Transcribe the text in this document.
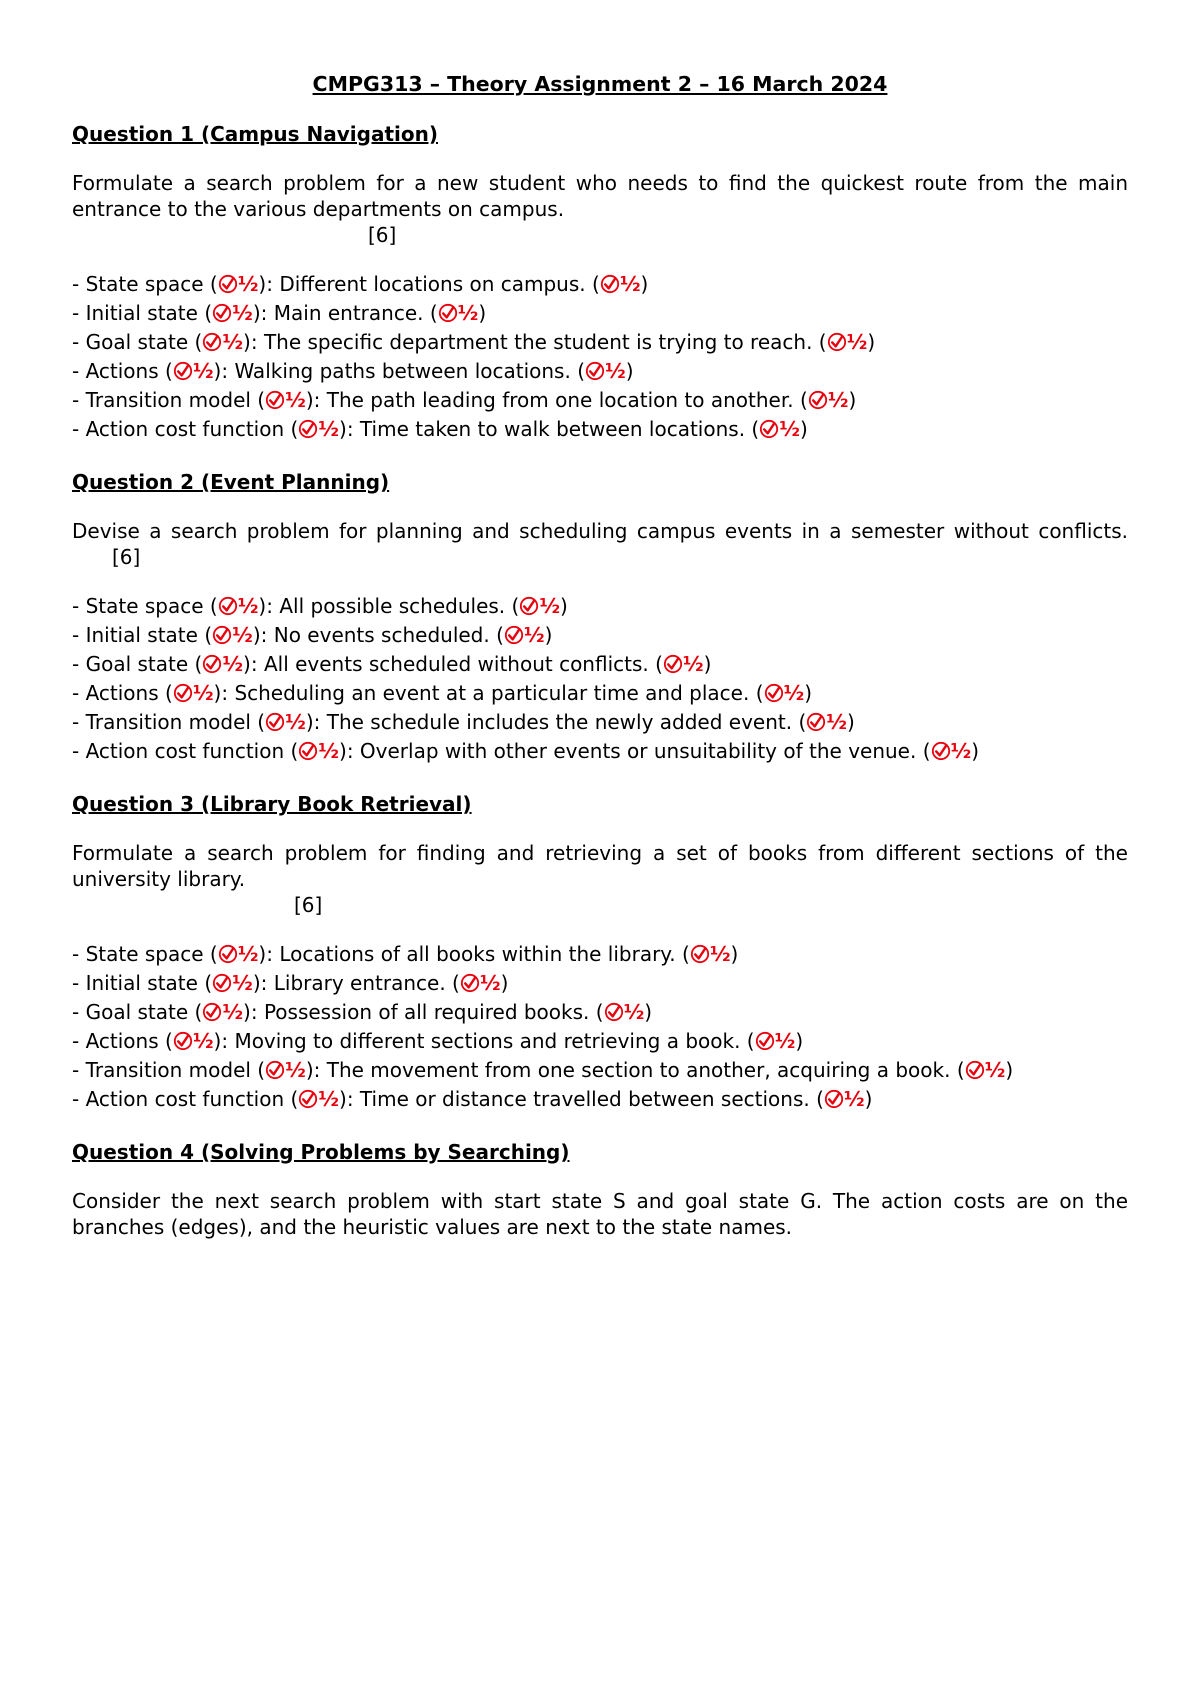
CMPG313 – Theory Assignment 2 – 16 March 2024
Question 1 (Campus Navigation)

Formulate a search problem for a new student who needs to find the quickest route from the main entrance to the various departments on campus.

[6]
- State space ( ½): Different locations on campus. ( ½)
- Initial state ( ½): Main entrance. ( ½)
- Goal state ( ½): The specific department the student is trying to reach. ( ½)
- Actions ( ½): Walking paths between locations. ( ½)
- Transition model ( ½): The path leading from one location to another. ( ½)
- Action cost function ( ½): Time taken to walk between locations. ( ½)
Question 2 (Event Planning)

Devise a search problem for planning and scheduling campus events in a semester without conflicts.[6]

- State space ( ½): All possible schedules. ( ½)
- Initial state ( ½): No events scheduled. ( ½)
- Goal state ( ½): All events scheduled without conflicts. ( ½)
- Actions ( ½): Scheduling an event at a particular time and place. ( ½)
- Transition model ( ½): The schedule includes the newly added event. ( ½)
- Action cost function ( ½): Overlap with other events or unsuitability of the venue. ( ½)
Question 3 (Library Book Retrieval)

Formulate a search problem for finding and retrieving a set of books from different sections of the university library.

[6]
- State space ( ½): Locations of all books within the library. ( ½)
- Initial state ( ½): Library entrance. ( ½)
- Goal state ( ½): Possession of all required books. ( ½)
- Actions ( ½): Moving to different sections and retrieving a book. ( ½)
- Transition model ( ½): The movement from one section to another, acquiring a book. ( ½)
- Action cost function ( ½): Time or distance travelled between sections. ( ½)
Question 4 (Solving Problems by Searching)

Consider the next search problem with start state S and goal state G. The action costs are on the branches (edges), and the heuristic values are next to the state names.
